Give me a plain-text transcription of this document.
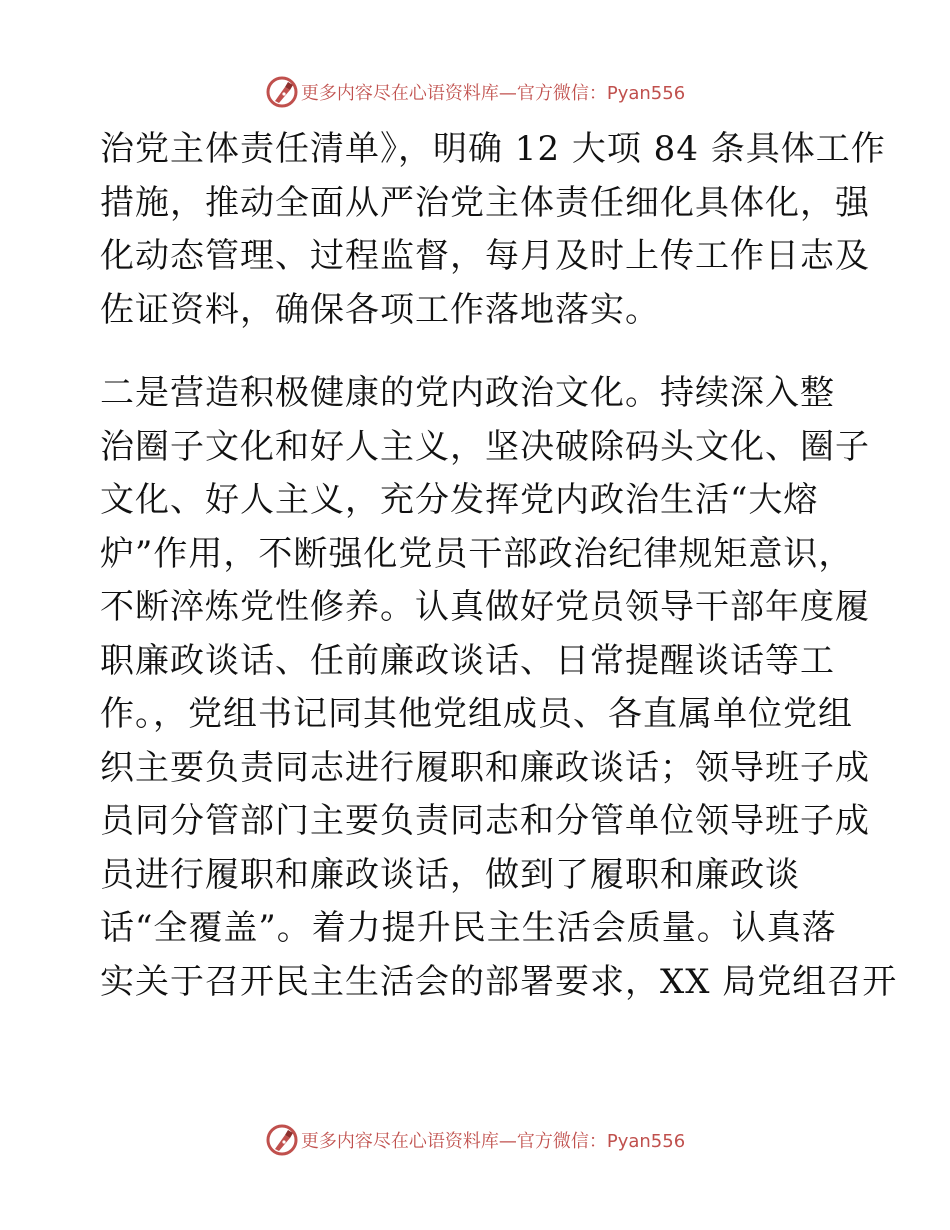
更多内容尽在心语资料库—官方微信：Pyan556
治党主体责任清单》，明确 12 大项 84 条具体工作
措施，推动全面从严治党主体责任细化具体化，强
化动态管理、过程监督，每月及时上传工作日志及
佐证资料，确保各项工作落地落实。
二是营造积极健康的党内政治文化。持续深入整
治圈子文化和好人主义，坚决破除码头文化、圈子
文化、好人主义，充分发挥党内政治生活“大熔
炉”作用，不断强化党员干部政治纪律规矩意识，
不断淬炼党性修养。认真做好党员领导干部年度履
职廉政谈话、任前廉政谈话、日常提醒谈话等工
作。，党组书记同其他党组成员、各直属单位党组
织主要负责同志进行履职和廉政谈话；领导班子成
员同分管部门主要负责同志和分管单位领导班子成
员进行履职和廉政谈话，做到了履职和廉政谈
话“全覆盖”。着力提升民主生活会质量。认真落
实关于召开民主生活会的部署要求，XX 局党组召开
更多内容尽在心语资料库—官方微信：Pyan556
